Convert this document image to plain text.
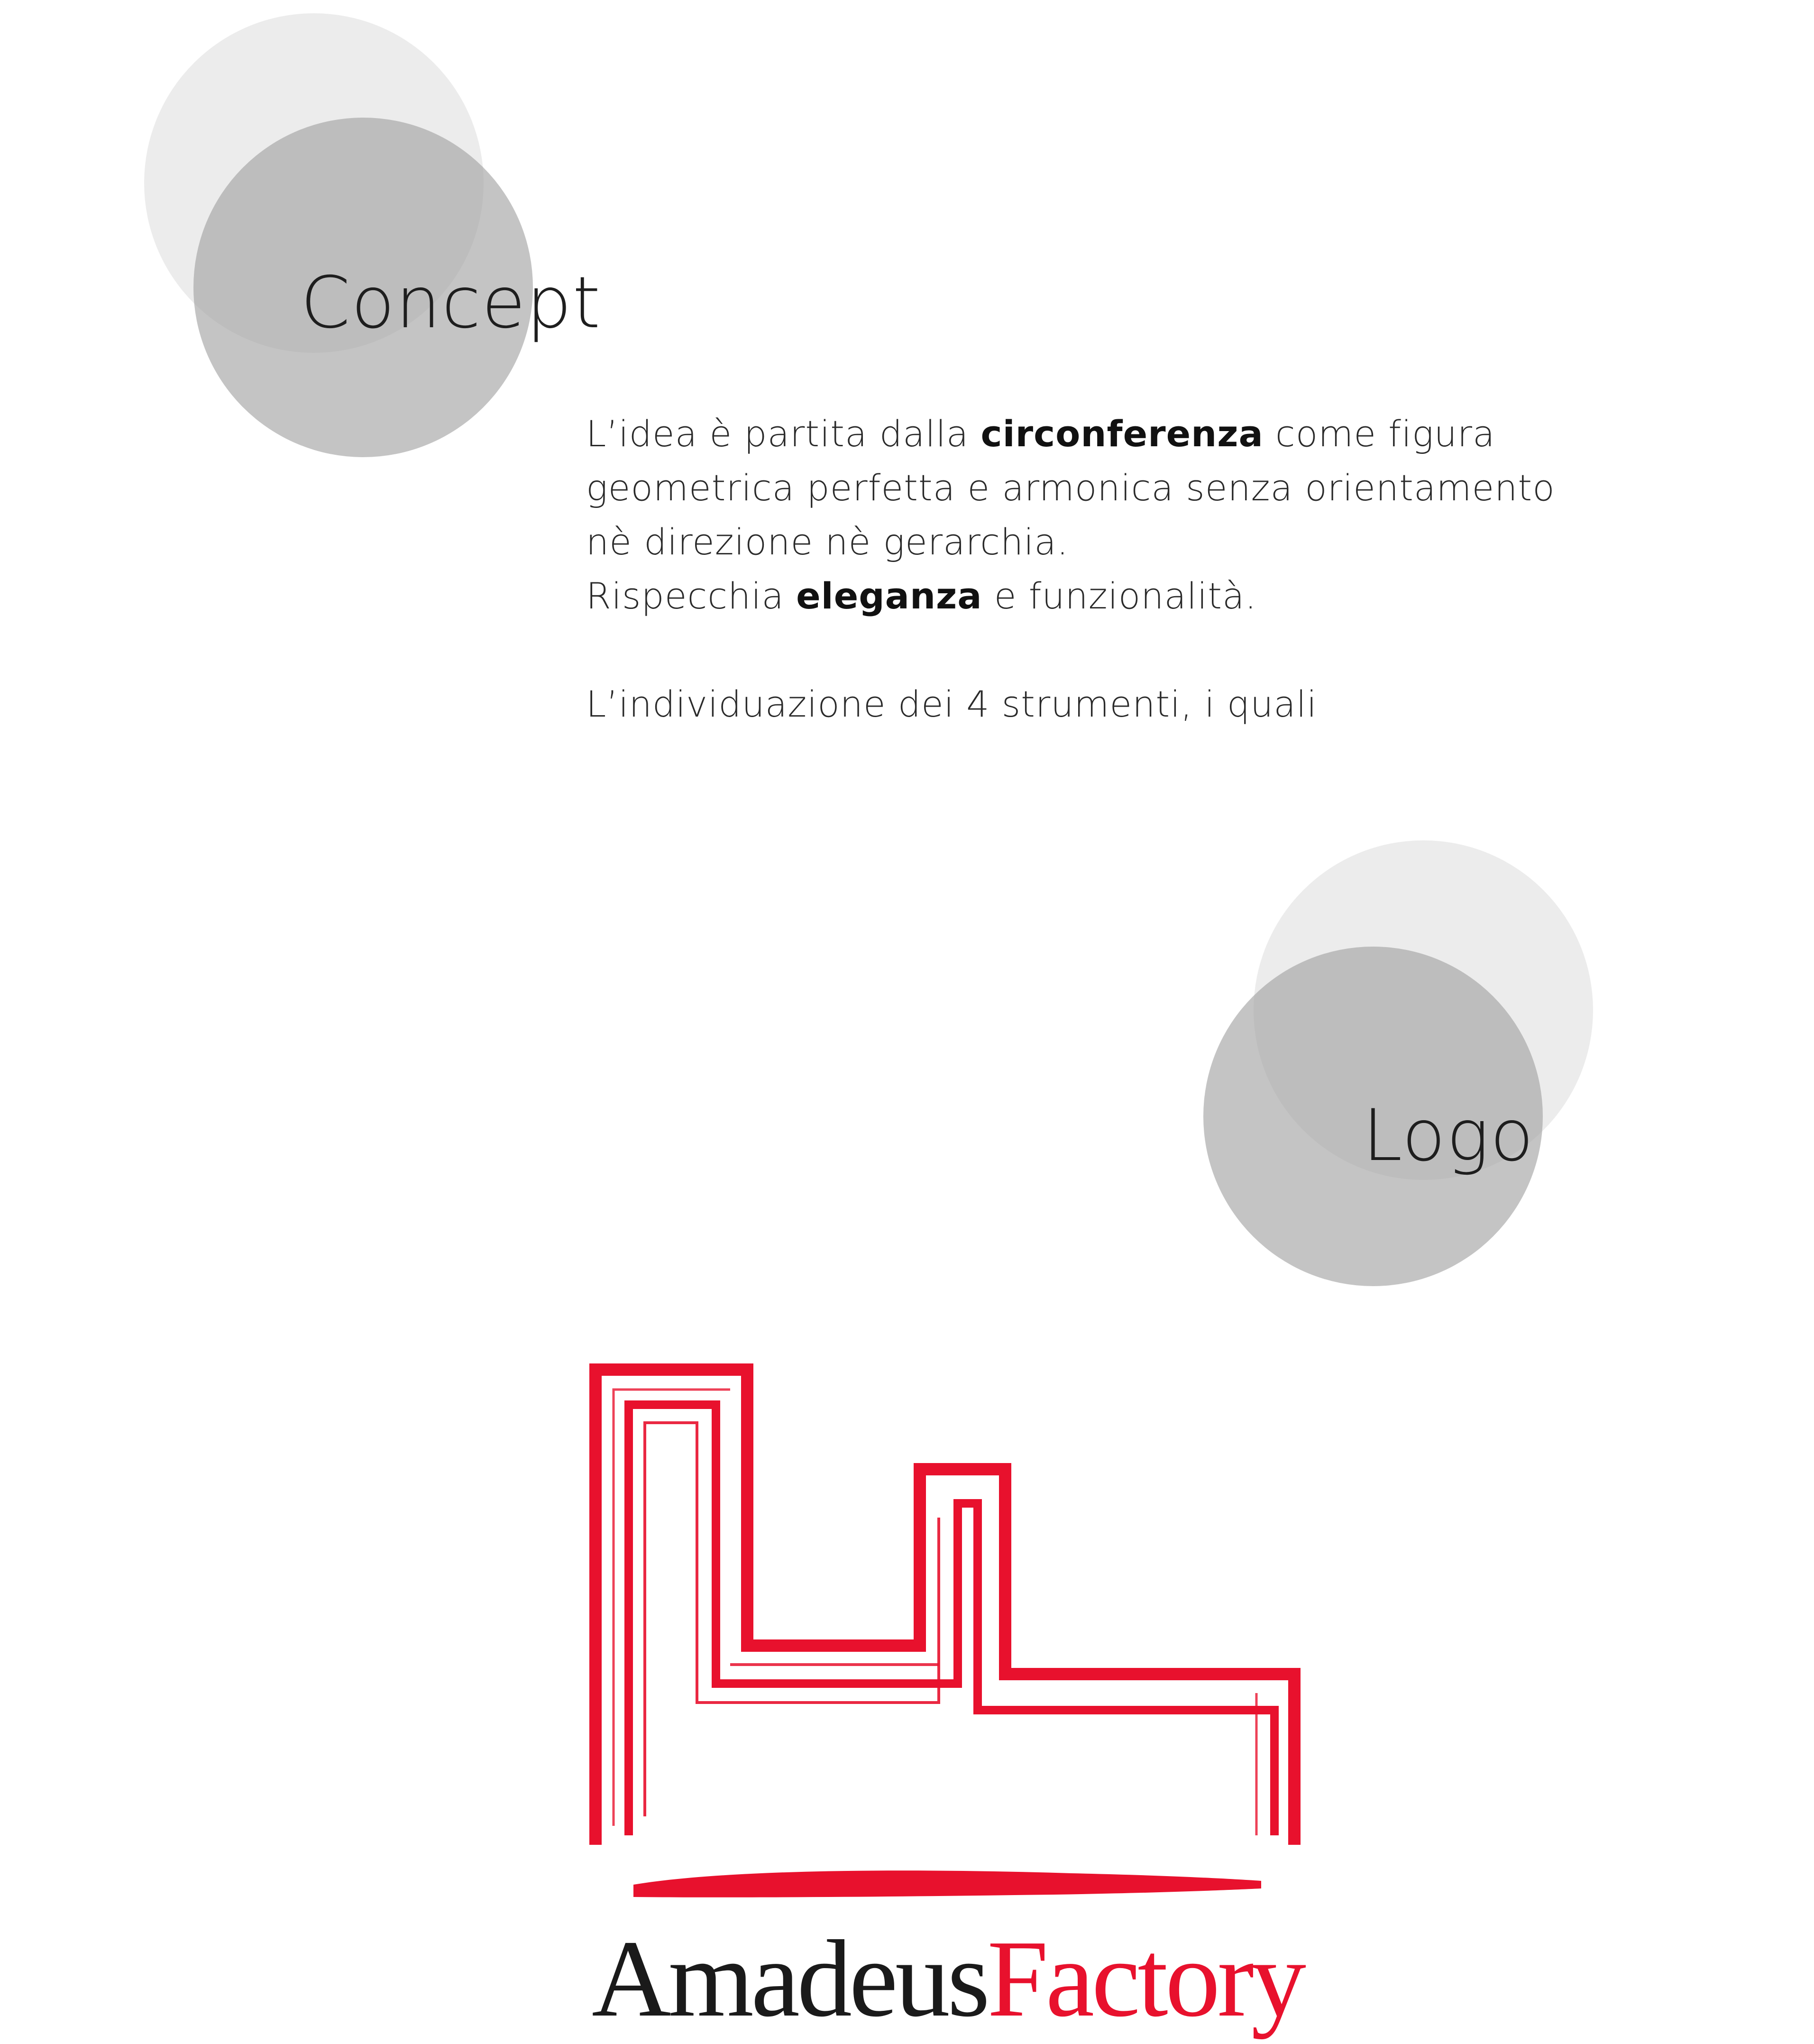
Concept

L’idea è partita dalla circonferenza come figura

geometrica perfetta e armonica senza orientamento

nè direzione nè gerarchia.

Rispecchia eleganza e funzionalità.

L’individuazione dei 4 strumenti, i quali

Logo
AmadeusFactory
